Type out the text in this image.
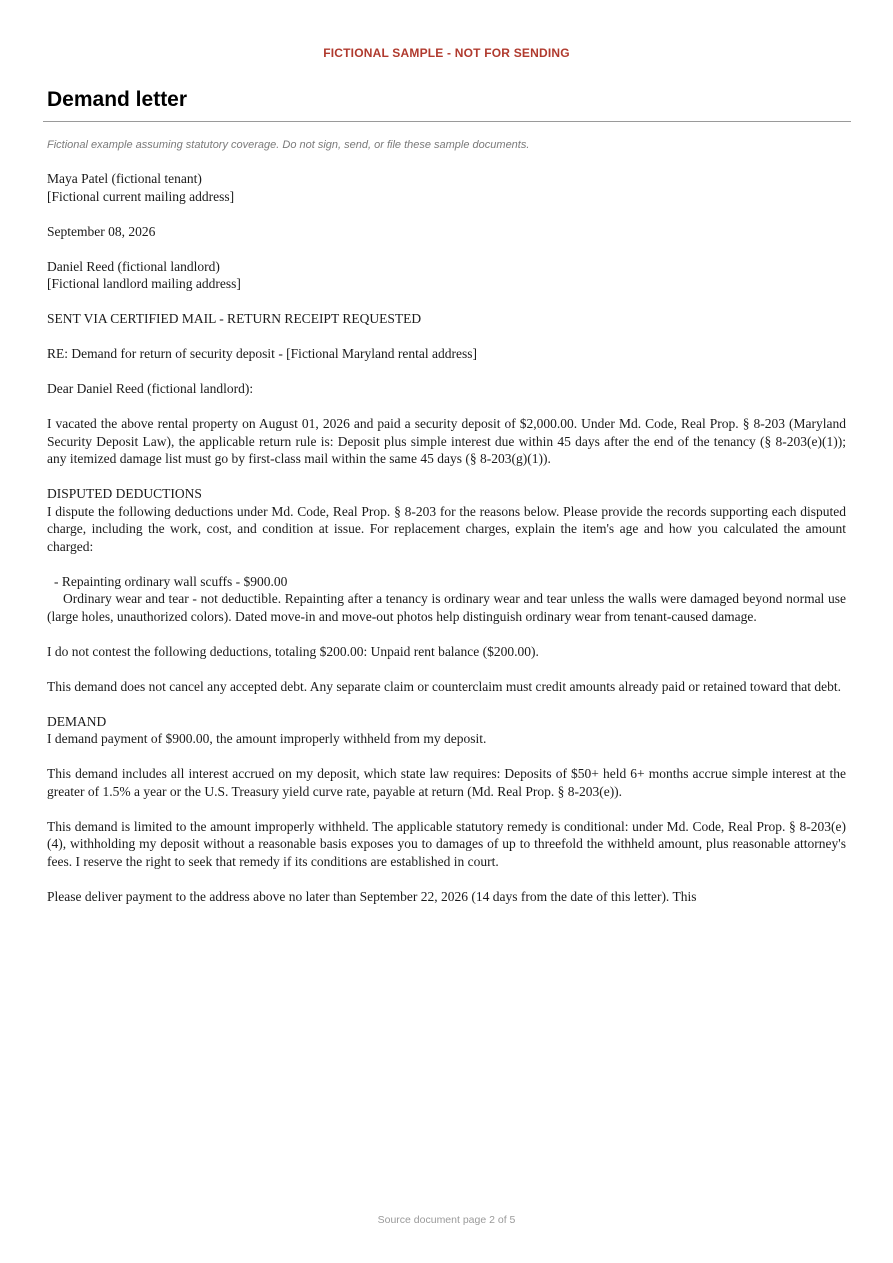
FICTIONAL SAMPLE - NOT FOR SENDING
Demand letter
Fictional example assuming statutory coverage. Do not sign, send, or file these sample documents.

Maya Patel (fictional tenant)

[Fictional current mailing address]

September 08, 2026

Daniel Reed (fictional landlord)

[Fictional landlord mailing address]

SENT VIA CERTIFIED MAIL - RETURN RECEIPT REQUESTED

RE: Demand for return of security deposit - [Fictional Maryland rental address]

Dear Daniel Reed (fictional landlord):

I vacated the above rental property on August 01, 2026 and paid a security deposit of $2,000.00. Under Md. Code, Real Prop. § 8-203 (Maryland Security Deposit Law), the applicable return rule is: Deposit plus simple interest due within 45 days after the end of the tenancy (§ 8-203(e)(1)); any itemized damage list must go by first-class mail within the same 45 days (§ 8-203(g)(1)).

DISPUTED DEDUCTIONS

I dispute the following deductions under Md. Code, Real Prop. § 8-203 for the reasons below. Please provide the records supporting each disputed charge, including the work, cost, and condition at issue. For replacement charges, explain the item's age and how you calculated the amount charged:

- Repainting ordinary wall scuffs - $900.00
Ordinary wear and tear - not deductible. Repainting after a tenancy is ordinary wear and tear unless the walls were damaged beyond normal use (large holes, unauthorized colors). Dated move-in and move-out photos help distinguish ordinary wear from tenant-caused damage.

I do not contest the following deductions, totaling $200.00: Unpaid rent balance ($200.00).

This demand does not cancel any accepted debt. Any separate claim or counterclaim must credit amounts already paid or retained toward that debt.

DEMAND

I demand payment of $900.00, the amount improperly withheld from my deposit.

This demand includes all interest accrued on my deposit, which state law requires: Deposits of $50+ held 6+ months accrue simple interest at the greater of 1.5% a year or the U.S. Treasury yield curve rate, payable at return (Md. Real Prop. § 8-203(e)).

This demand is limited to the amount improperly withheld. The applicable statutory remedy is conditional: under Md. Code, Real Prop. § 8-203(e)(4), withholding my deposit without a reasonable basis exposes you to damages of up to threefold the withheld amount, plus reasonable attorney's fees. I reserve the right to seek that remedy if its conditions are established in court.

Please deliver payment to the address above no later than September 22, 2026 (14 days from the date of this letter). This

Source document page 2 of 5
